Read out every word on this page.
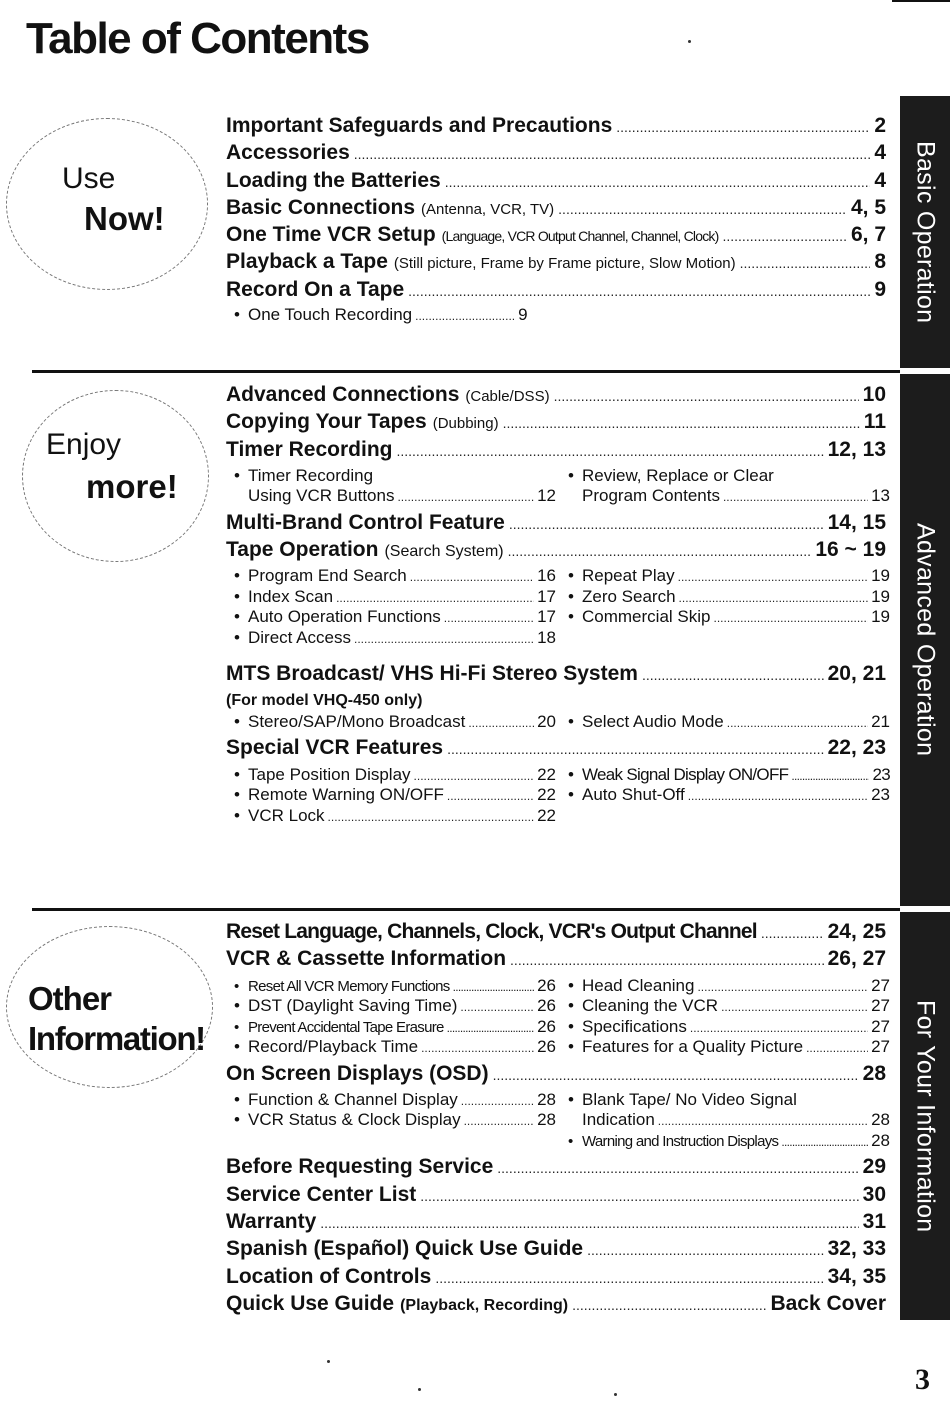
Table of Contents
Basic Operation
Advanced Operation
For Your Information
Use
Now!
Enjoy
more!
Other
Information!
Important Safeguards and Precautions .....	2
Accessories .....	4
Loading the Batteries .....	4
Basic Connections (Antenna, VCR, TV) .....	4, 5
One Time VCR Setup (Language, VCR Output Channel, Channel, Clock) .....	6, 7
Playback a Tape (Still picture, Frame by Frame picture, Slow Motion) .....	8
Record On a Tape .....	9
• One Touch Recording .....	9
Advanced Connections (Cable/DSS) .....	10
Copying Your Tapes (Dubbing) .....	11
Timer Recording .....	12, 13
• Timer Recording
Using VCR Buttons .....	12
• Review, Replace or Clear
Program Contents .....	13
Multi-Brand Control Feature .....	14, 15
Tape Operation (Search System) .....	16 ~ 19
• Program End Search .....	16
• Index Scan .....	17
• Auto Operation Functions .....	17
• Direct Access .....	18
• Repeat Play .....	19
• Zero Search .....	19
• Commercial Skip .....	19
MTS Broadcast/ VHS Hi-Fi Stereo System .....	20, 21
(For model VHQ-450 only)
• Stereo/SAP/Mono Broadcast .....	20 • Select Audio Mode .....	21
Special VCR Features .....	22, 23
• Tape Position Display .....	22
• Remote Warning ON/OFF .....	22
• VCR Lock .....	22
• Weak Signal Display ON/OFF .....	23
• Auto Shut-Off .....	23
Reset Language, Channels, Clock, VCR's Output Channel .....	24, 25
VCR & Cassette Information .....	26, 27
• Reset All VCR Memory Functions .....	26
• DST (Daylight Saving Time) .....	26
• Prevent Accidental Tape Erasure .....	26
• Record/Playback Time .....	26
• Head Cleaning .....	27
• Cleaning the VCR .....	27
• Specifications .....	27
• Features for a Quality Picture .....	27
On Screen Displays (OSD) .....	28
• Function & Channel Display .....	28
• VCR Status & Clock Display .....	28
• Blank Tape/ No Video Signal
Indication .....	28
• Warning and Instruction Displays .....	28
Before Requesting Service .....	29
Service Center List .....	30
Warranty .....	31
Spanish (Español) Quick Use Guide .....	32, 33
Location of Controls .....	34, 35
Quick Use Guide (Playback, Recording) .....	Back Cover
3
